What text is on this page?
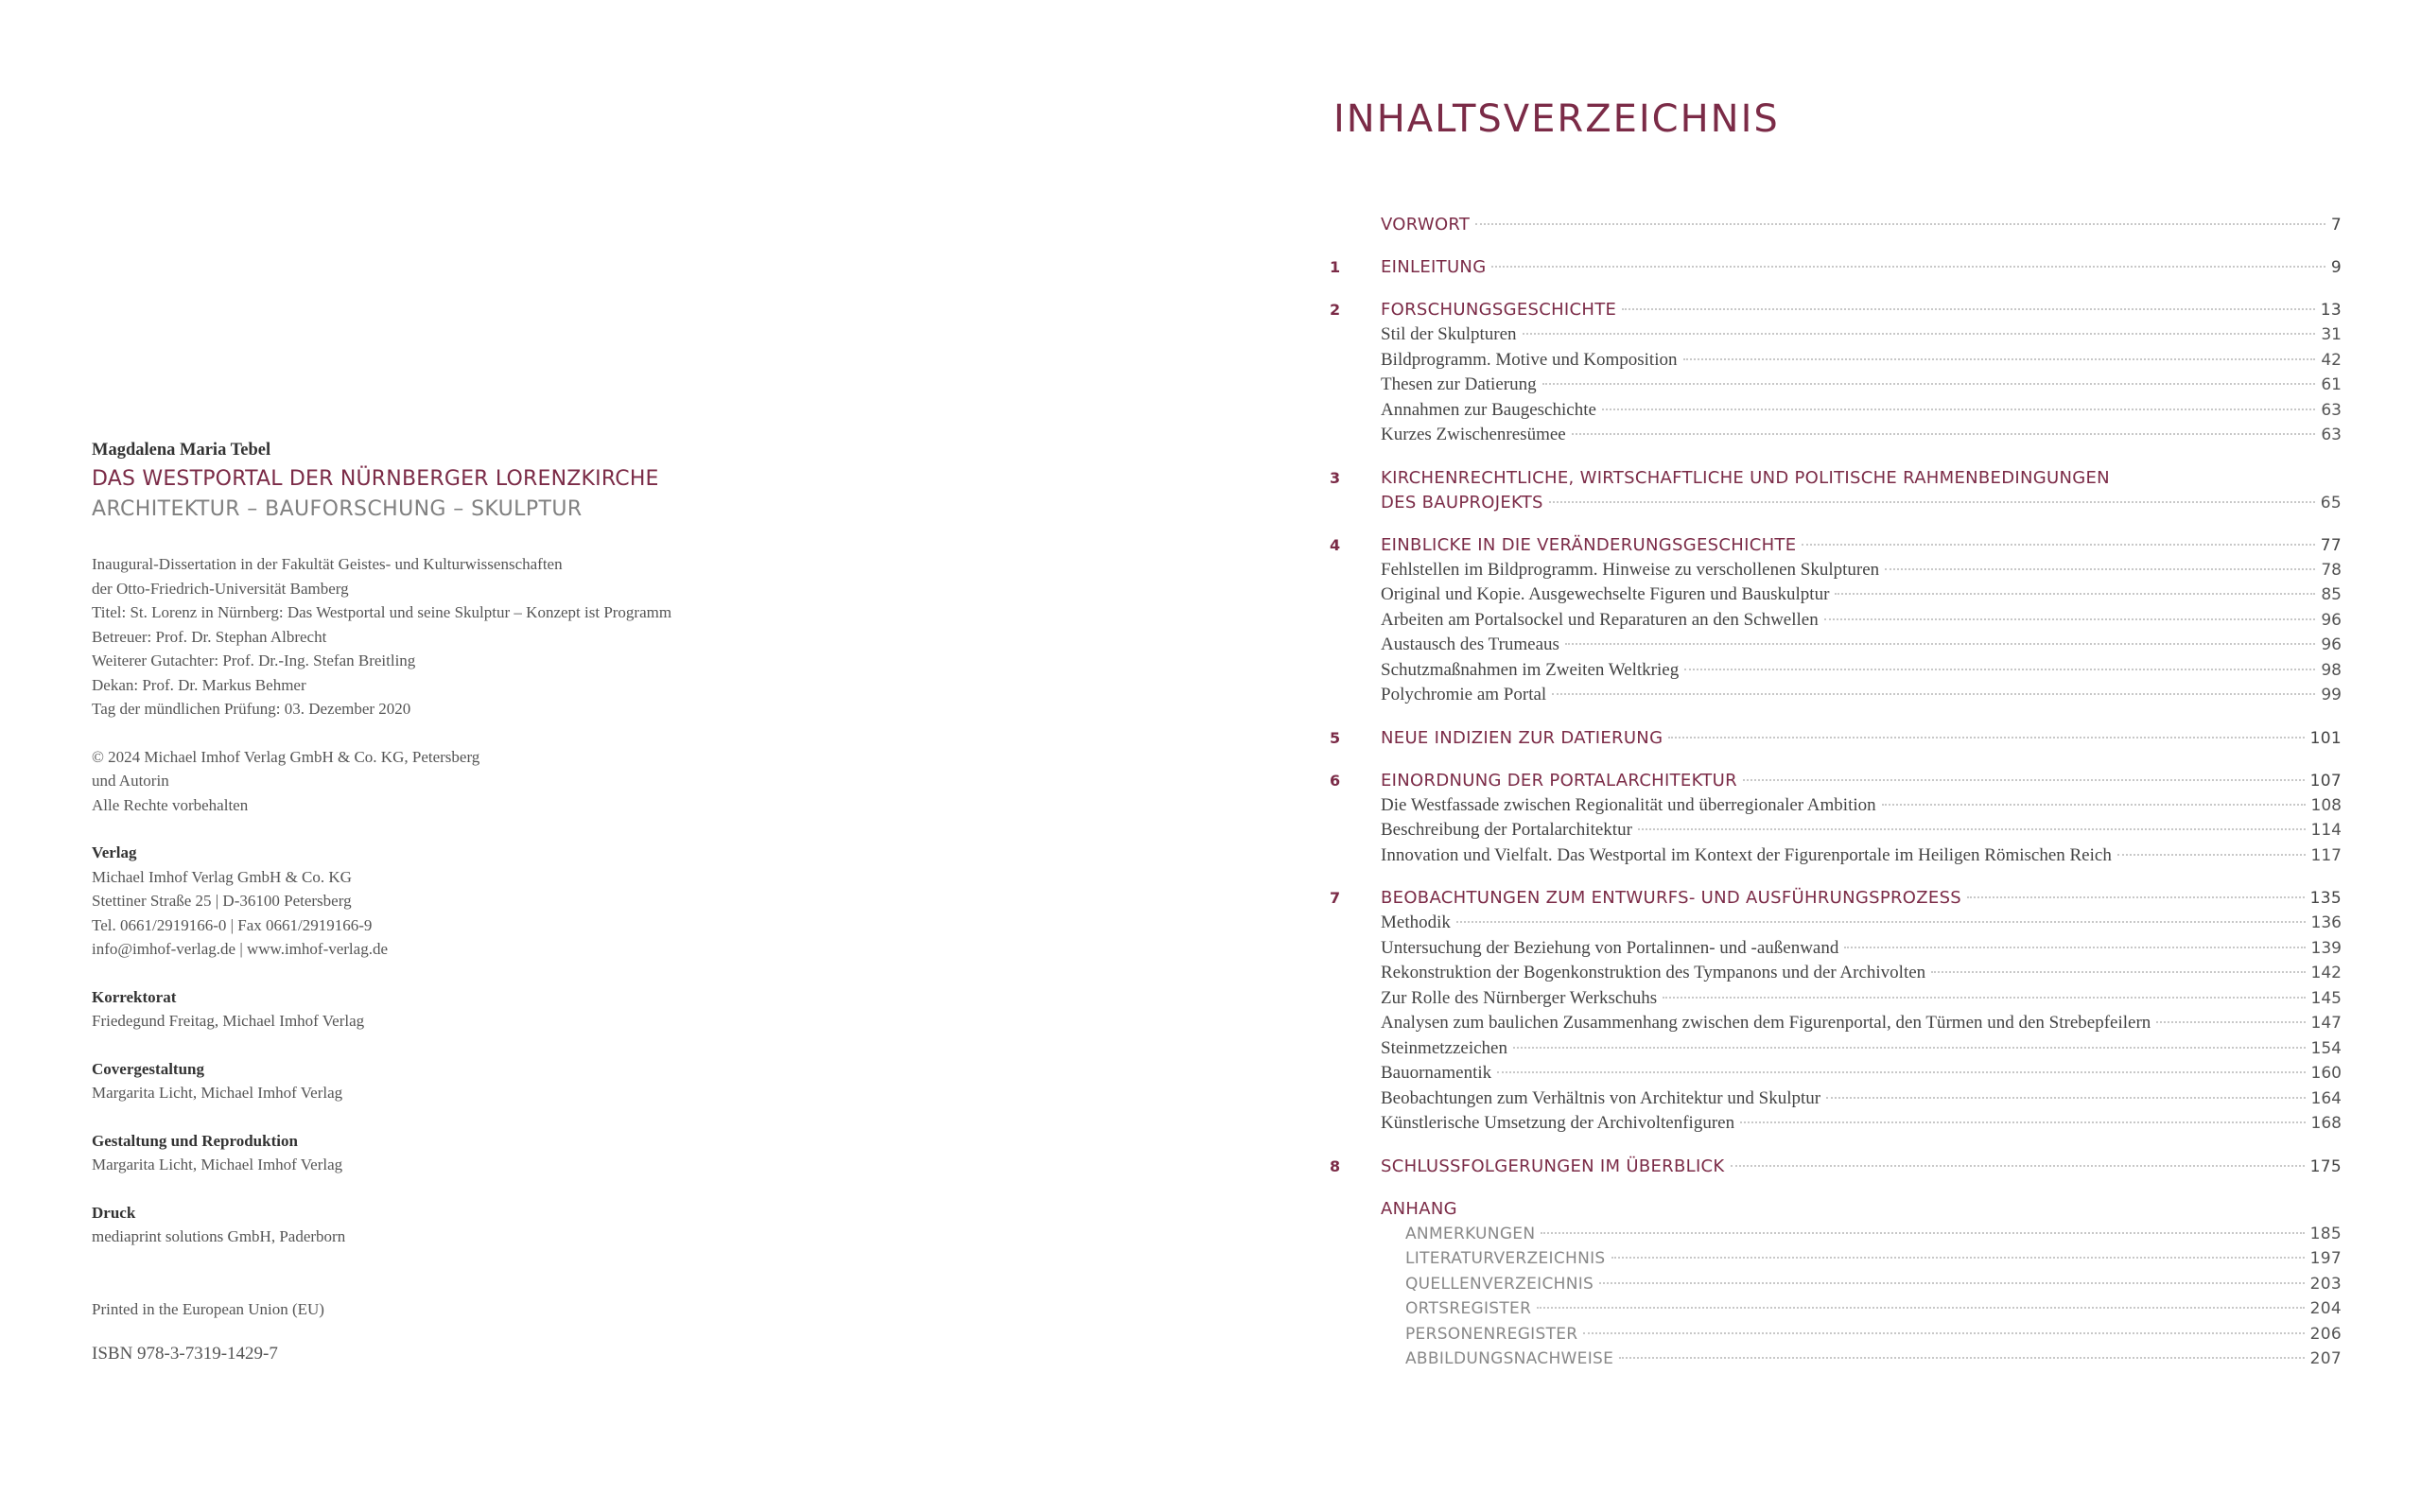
Magdalena Maria Tebel

DAS WESTPORTAL DER NÜRNBERGER LORENZKIRCHE

ARCHITEKTUR – BAUFORSCHUNG – SKULPTUR

Inaugural-Dissertation in der Fakultät Geistes- und Kulturwissenschaften

der Otto-Friedrich-Universität Bamberg

Titel: St. Lorenz in Nürnberg: Das Westportal und seine Skulptur – Konzept ist Programm

Betreuer: Prof. Dr. Stephan Albrecht

Weiterer Gutachter: Prof. Dr.-Ing. Stefan Breitling

Dekan: Prof. Dr. Markus Behmer

Tag der mündlichen Prüfung: 03. Dezember 2020

© 2024 Michael Imhof Verlag GmbH & Co. KG, Petersberg

und Autorin

Alle Rechte vorbehalten

Verlag

Michael Imhof Verlag GmbH & Co. KG

Stettiner Straße 25 | D-36100 Petersberg

Tel. 0661/2919166-0 | Fax 0661/2919166-9

info@imhof-verlag.de | www.imhof-verlag.de

Korrektorat

Friedegund Freitag, Michael Imhof Verlag

Covergestaltung

Margarita Licht, Michael Imhof Verlag

Gestaltung und Reproduktion

Margarita Licht, Michael Imhof Verlag

Druck

mediaprint solutions GmbH, Paderborn

Printed in the European Union (EU)

ISBN 978-3-7319-1429-7

INHALTSVERZEICHNIS
VORWORT	7
1	EINLEITUNG	9
2	FORSCHUNGSGESCHICHTE	13
Stil der Skulpturen	31
Bildprogramm. Motive und Komposition	42
Thesen zur Datierung	61
Annahmen zur Baugeschichte	63
Kurzes Zwischenresümee	63
3	KIRCHENRECHTLICHE, WIRTSCHAFTLICHE UND POLITISCHE RAHMENBEDINGUNGEN
DES BAUPROJEKTS	65
4	EINBLICKE IN DIE VERÄNDERUNGSGESCHICHTE	77
Fehlstellen im Bildprogramm. Hinweise zu verschollenen Skulpturen	78
Original und Kopie. Ausgewechselte Figuren und Bauskulptur	85
Arbeiten am Portalsockel und Reparaturen an den Schwellen	96
Austausch des Trumeaus	96
Schutzmaßnahmen im Zweiten Weltkrieg	98
Polychromie am Portal	99
5	NEUE INDIZIEN ZUR DATIERUNG	101
6	EINORDNUNG DER PORTALARCHITEKTUR	107
Die Westfassade zwischen Regionalität und überregionaler Ambition	108
Beschreibung der Portalarchitektur	114
Innovation und Vielfalt. Das Westportal im Kontext der Figurenportale im Heiligen Römischen Reich	117
7	BEOBACHTUNGEN ZUM ENTWURFS- UND AUSFÜHRUNGSPROZESS	135
Methodik	136
Untersuchung der Beziehung von Portalinnen- und -außenwand	139
Rekonstruktion der Bogenkonstruktion des Tympanons und der Archivolten	142
Zur Rolle des Nürnberger Werkschuhs	145
Analysen zum baulichen Zusammenhang zwischen dem Figurenportal, den Türmen und den Strebepfeilern	147
Steinmetzzeichen	154
Bauornamentik	160
Beobachtungen zum Verhältnis von Architektur und Skulptur	164
Künstlerische Umsetzung der Archivoltenfiguren	168
8	SCHLUSSFOLGERUNGEN IM ÜBERBLICK	175
ANHANG
ANMERKUNGEN	185
LITERATURVERZEICHNIS	197
QUELLENVERZEICHNIS	203
ORTSREGISTER	204
PERSONENREGISTER	206
ABBILDUNGSNACHWEISE	207
